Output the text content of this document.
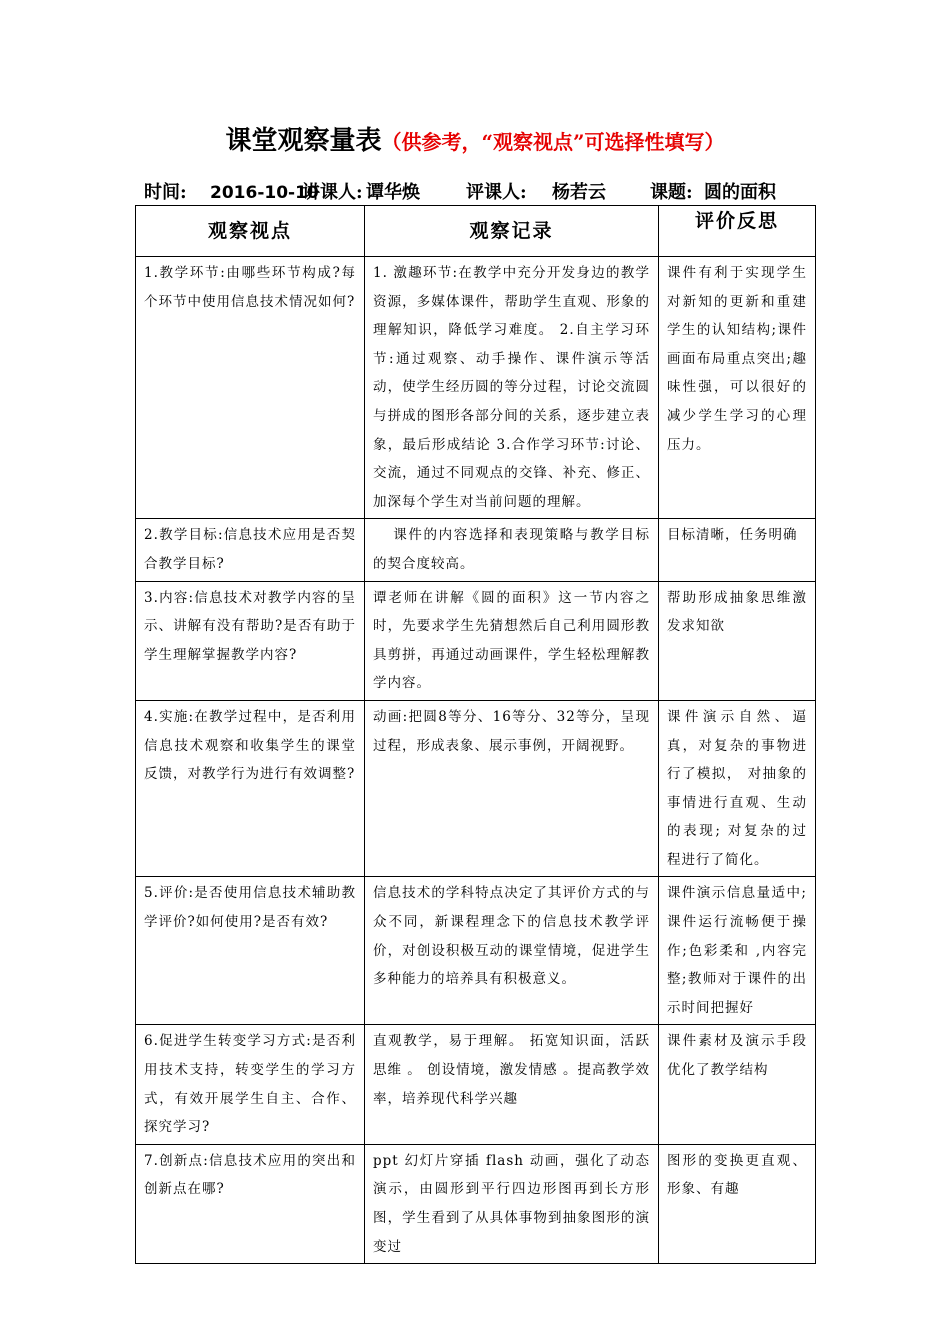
课堂观察量表（供参考，“观察视点”可选择性填写）
时间: 2016-10-10讲课人: 谭华焕	评课人: 杨若云 课题: 圆的面积
观察视点	观察记录	评价反思
1.教学环节:由哪些环节构成?每个环节中使用信息技术情况如何?	1. 激趣环节:在教学中充分开发身边的教学资源，多媒体课件，帮助学生直观、形象的理解知识，降低学习难度。 2.自主学习环节:通过观察、动手操作、课件演示等活动，使学生经历圆的等分过程，讨论交流圆与拼成的图形各部分间的关系，逐步建立表象，最后形成结论 3.合作学习环节:讨论、交流，通过不同观点的交锋、补充、修正、加深每个学生对当前问题的理解。	课件有利于实现学生对新知的更新和重建学生的认知结构;课件画面布局重点突出;趣味性强，可以很好的减少学生学习的心理压力。
2.教学目标:信息技术应用是否契合教学目标?	课件的内容选择和表现策略与教学目标的契合度较高。	目标清晰，任务明确
3.内容:信息技术对教学内容的呈示、讲解有没有帮助?是否有助于学生理解掌握教学内容?	谭老师在讲解《圆的面积》这一节内容之时，先要求学生先猜想然后自己利用圆形教具剪拼，再通过动画课件，学生轻松理解教学内容。	帮助形成抽象思维激发求知欲
4.实施:在教学过程中，是否利用信息技术观察和收集学生的课堂反馈，对教学行为进行有效调整?	动画:把圆8等分、16等分、32等分，呈现过程，形成表象、展示事例，开阔视野。	课件演示自然、逼真，对复杂的事物进行了模拟， 对抽象的事情进行直观、生动的表现; 对复杂的过程进行了简化。
5.评价:是否使用信息技术辅助教学评价?如何使用?是否有效?	信息技术的学科特点决定了其评价方式的与众不同，新课程理念下的信息技术教学评价，对创设积极互动的课堂情境，促进学生多种能力的培养具有积极意义。	课件演示信息量适中;课件运行流畅便于操作;色彩柔和 ,内容完整;教师对于课件的出示时间把握好
6.促进学生转变学习方式:是否利用技术支持，转变学生的学习方式，有效开展学生自主、合作、探究学习?	直观教学，易于理解。 拓宽知识面，活跃思维 。 创设情境，激发情感 。提高教学效率，培养现代科学兴趣	课件素材及演示手段优化了教学结构
7.创新点:信息技术应用的突出和创新点在哪?	ppt 幻灯片穿插 flash 动画，强化了动态演示，由圆形到平行四边形图再到长方形图，学生看到了从具体事物到抽象图形的演变过	图形的变换更直观、形象、有趣
